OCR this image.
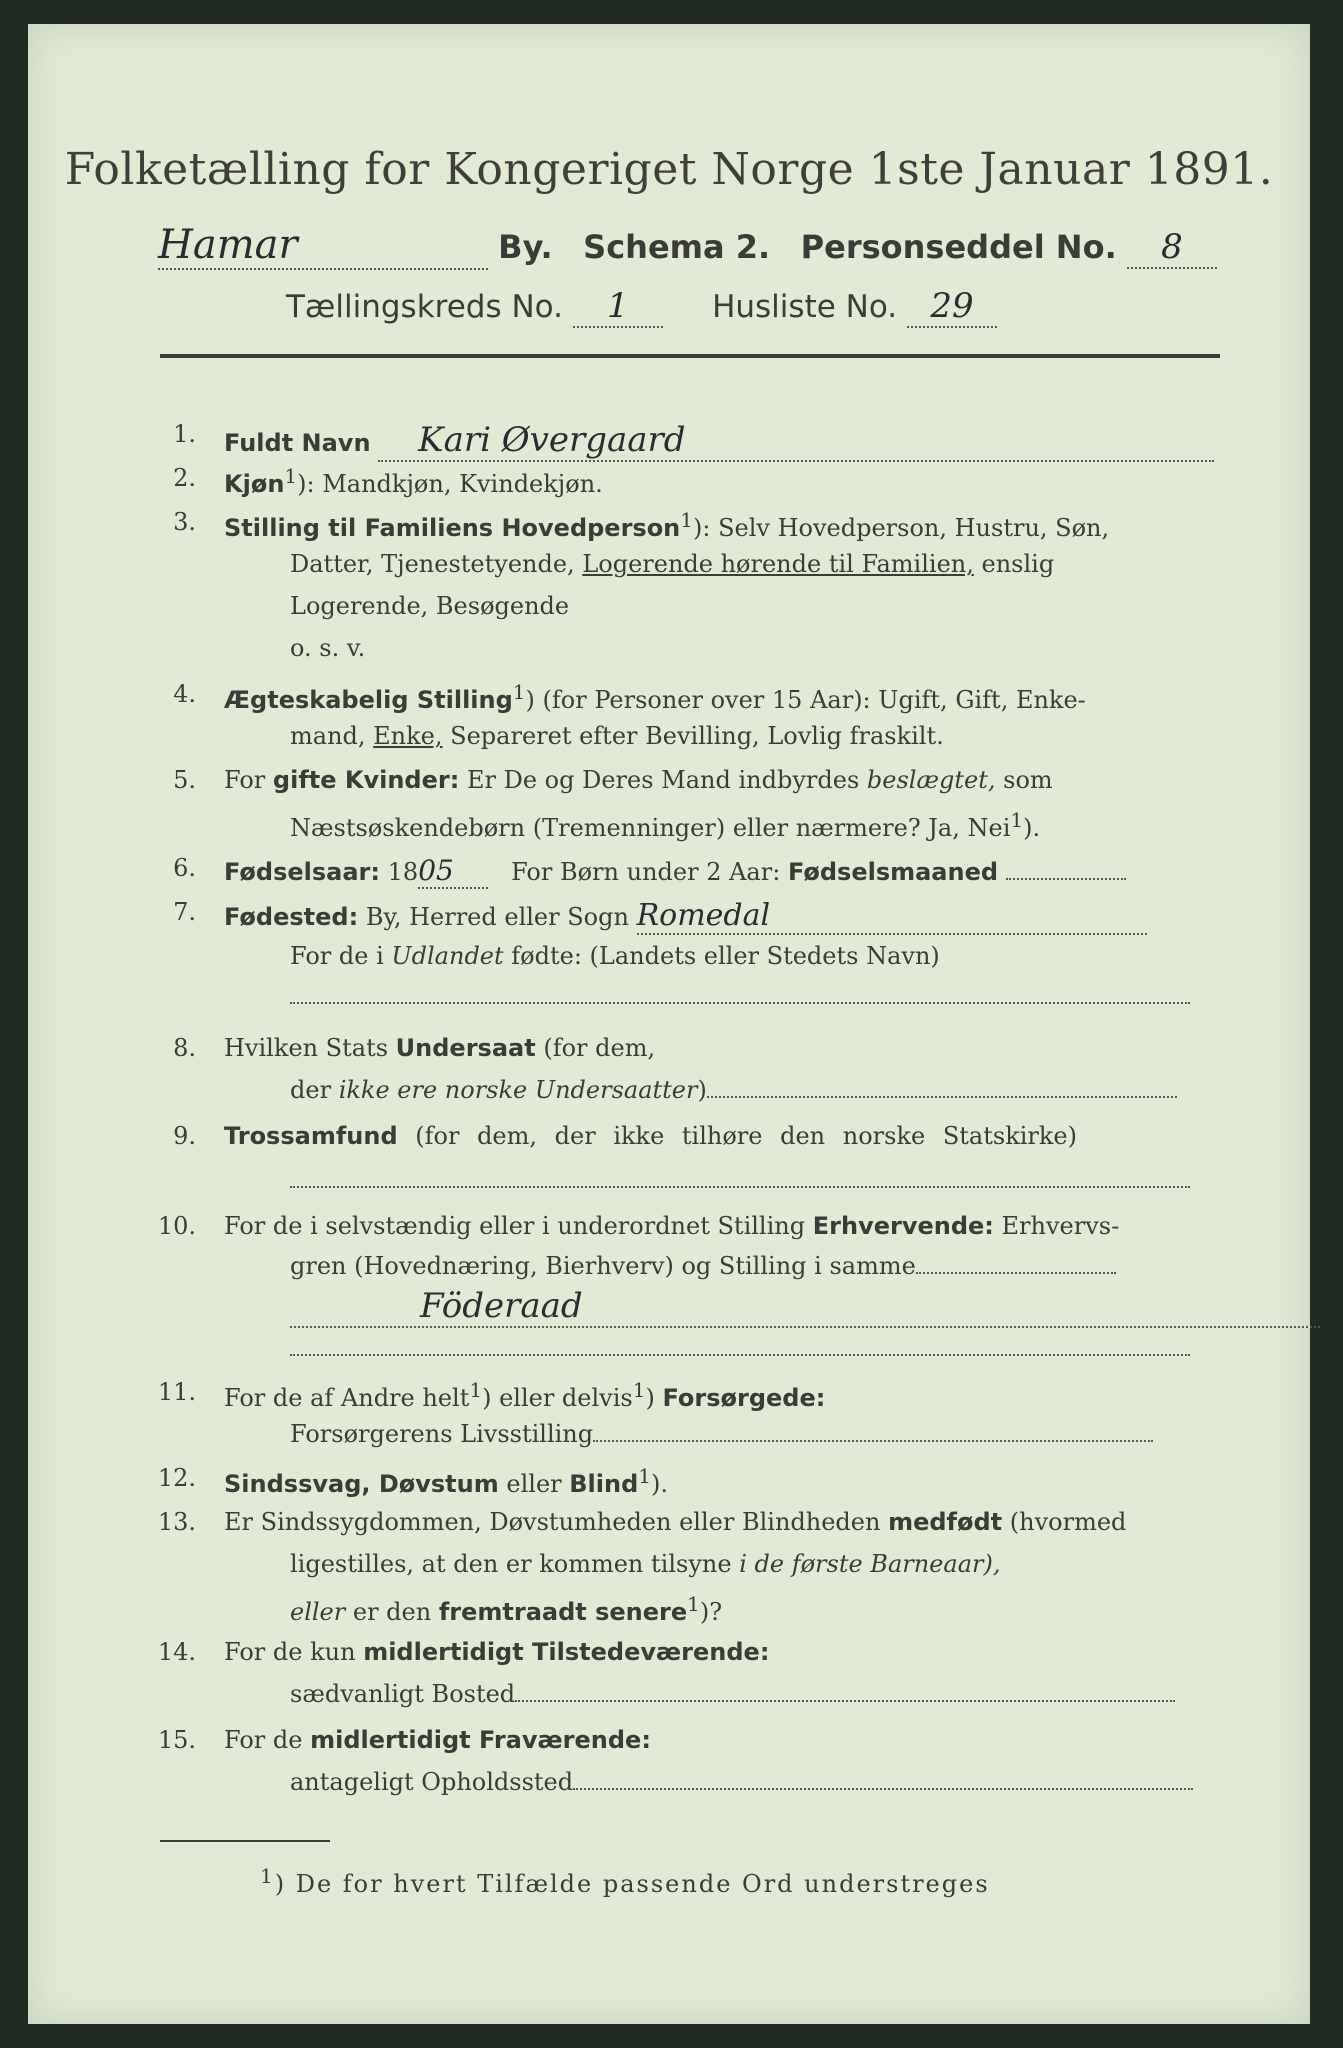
Folketælling for Kongeriget Norge 1ste Januar 1891.
Hamar	By. Schema 2. Personseddel No. 8
Tællingskreds No. 1	Husliste No. 29
1. Fuldt Navn Kari Øvergaard
2. Kjøn$^1$): Mandkjøn, Kvindekjøn.
3. Stilling til Familiens Hovedperson$^1$): Selv Hovedperson, Hustru, Søn,
Datter, Tjenestetyende, Logerende hørende til Familien, enslig
Logerende, Besøgende
o. s. v.
4. Ægteskabelig Stilling$^1$) (for Personer over 15 Aar): Ugift, Gift, Enke-
mand, Enke, Separeret efter Bevilling, Lovlig fraskilt.
5. For gifte Kvinder: Er De og Deres Mand indbyrdes beslægtet, som
Næstsøskendebørn (Tremenninger) eller nærmere? Ja, Nei$^1$).
6. Fødselsaar: 1805 For Børn under 2 Aar: Fødselsmaaned
7. Fødested: By, Herred eller Sogn Romedal
For de i Udlandet fødte: (Landets eller Stedets Navn)
8. Hvilken Stats Undersaat (for dem,
der ikke ere norske Undersaatter)
9. Trossamfund (for dem, der ikke tilhøre den norske Statskirke)
10. For de i selvstændig eller i underordnet Stilling Erhvervende: Erhvervs-
gren (Hovednæring, Bierhverv) og Stilling i samme
Föderaad
11. For de af Andre helt$^1$) eller delvis$^1$) Forsørgede:
Forsørgerens Livsstilling
12. Sindssvag, Døvstum eller Blind$^1$).
13. Er Sindssygdommen, Døvstumheden eller Blindheden medfødt (hvormed
ligestilles, at den er kommen tilsyne i de første Barneaar),
eller er den fremtraadt senere$^1$)?
14. For de kun midlertidigt Tilstedeværende:
sædvanligt Bosted
15. For de midlertidigt Fraværende:
antageligt Opholdssted
$^1$) De for hvert Tilfælde passende Ord understreges
